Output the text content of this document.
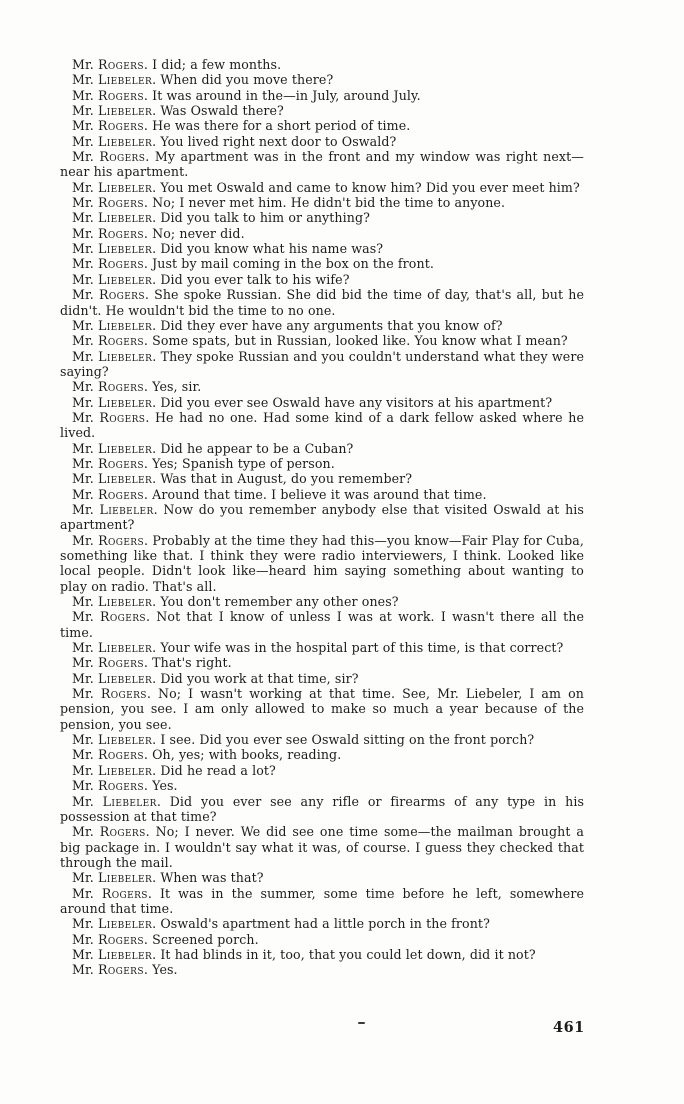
Mr. Rogers. I did; a few months.

Mr. Liebeler. When did you move there?

Mr. Rogers. It was around in the—in July, around July.

Mr. Liebeler. Was Oswald there?

Mr. Rogers. He was there for a short period of time.

Mr. Liebeler. You lived right next door to Oswald?

Mr. Rogers. My apartment was in the front and my window was right next—near his apartment.

Mr. Liebeler. You met Oswald and came to know him? Did you ever meet him?

Mr. Rogers. No; I never met him. He didn't bid the time to anyone.

Mr. Liebeler. Did you talk to him or anything?

Mr. Rogers. No; never did.

Mr. Liebeler. Did you know what his name was?

Mr. Rogers. Just by mail coming in the box on the front.

Mr. Liebeler. Did you ever talk to his wife?

Mr. Rogers. She spoke Russian. She did bid the time of day, that's all, but he didn't. He wouldn't bid the time to no one.

Mr. Liebeler. Did they ever have any arguments that you know of?

Mr. Rogers. Some spats, but in Russian, looked like. You know what I mean?

Mr. Liebeler. They spoke Russian and you couldn't understand what they were saying?

Mr. Rogers. Yes, sir.

Mr. Liebeler. Did you ever see Oswald have any visitors at his apartment?

Mr. Rogers. He had no one. Had some kind of a dark fellow asked where he lived.

Mr. Liebeler. Did he appear to be a Cuban?

Mr. Rogers. Yes; Spanish type of person.

Mr. Liebeler. Was that in August, do you remember?

Mr. Rogers. Around that time. I believe it was around that time.

Mr. Liebeler. Now do you remember anybody else that visited Oswald at his apartment?

Mr. Rogers. Probably at the time they had this—you know—Fair Play for Cuba, something like that. I think they were radio interviewers, I think. Looked like local people. Didn't look like—heard him saying something about wanting to play on radio. That's all.

Mr. Liebeler. You don't remember any other ones?

Mr. Rogers. Not that I know of unless I was at work. I wasn't there all the time.

Mr. Liebeler. Your wife was in the hospital part of this time, is that correct?

Mr. Rogers. That's right.

Mr. Liebeler. Did you work at that time, sir?

Mr. Rogers. No; I wasn't working at that time. See, Mr. Liebeler, I am on pension, you see. I am only allowed to make so much a year because of the pension, you see.

Mr. Liebeler. I see. Did you ever see Oswald sitting on the front porch?

Mr. Rogers. Oh, yes; with books, reading.

Mr. Liebeler. Did he read a lot?

Mr. Rogers. Yes.

Mr. Liebeler. Did you ever see any rifle or firearms of any type in his possession at that time?

Mr. Rogers. No; I never. We did see one time some—the mailman brought a big package in. I wouldn't say what it was, of course. I guess they checked that through the mail.

Mr. Liebeler. When was that?

Mr. Rogers. It was in the summer, some time before he left, somewhere around that time.

Mr. Liebeler. Oswald's apartment had a little porch in the front?

Mr. Rogers. Screened porch.

Mr. Liebeler. It had blinds in it, too, that you could let down, did it not?

Mr. Rogers. Yes.

461
